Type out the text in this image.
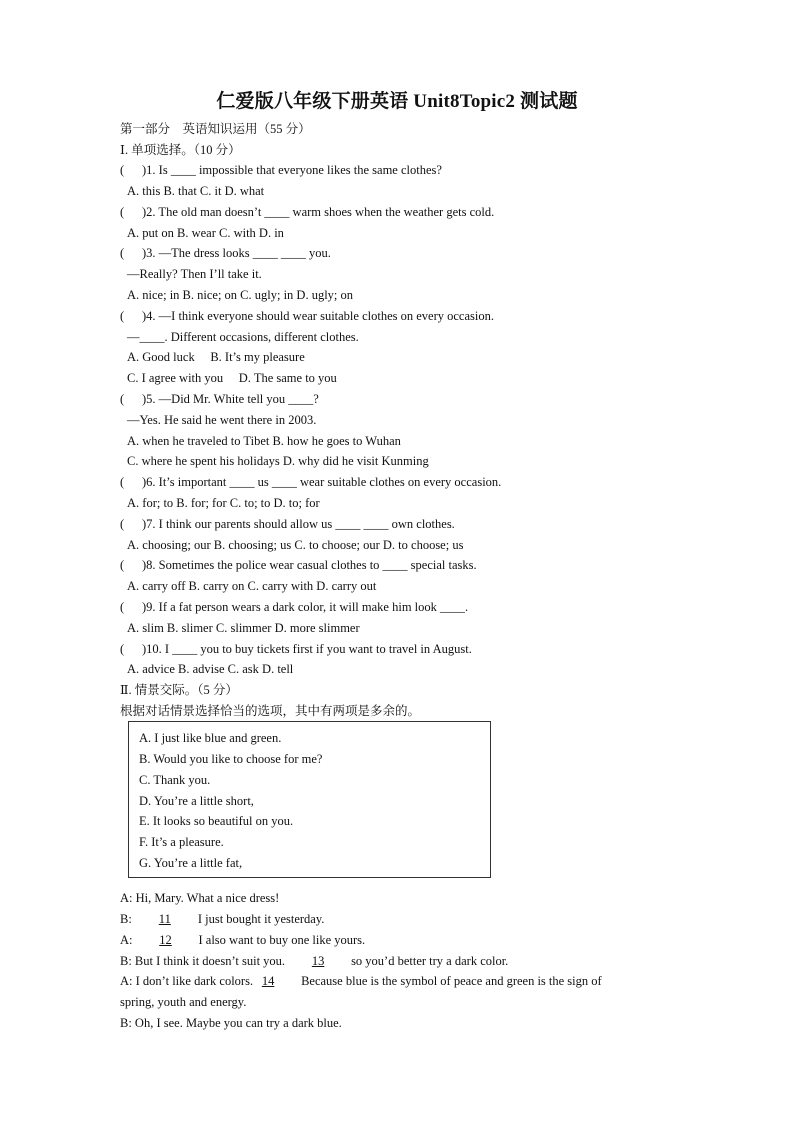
仁爱版八年级下册英语 Unit8Topic2 测试题
第一部分　英语知识运用（55 分）
Ⅰ. 单项选择。（10 分）
( )1. Is ____ impossible that everyone likes the same clothes?
A. this B. that C. it D. what
( )2. The old man doesn’t ____ warm shoes when the weather gets cold.
A. put on B. wear C. with D. in
( )3. —The dress looks ____ ____ you.
—Really? Then I’ll take it.
A. nice; in B. nice; on C. ugly; in D. ugly; on
( )4. —I think everyone should wear suitable clothes on every occasion.
—____. Different occasions, different clothes.
A. Good luck　 B. It’s my pleasure
C. I agree with you　 D. The same to you
( )5. —Did Mr. White tell you ____?
—Yes. He said he went there in 2003.
A. when he traveled to Tibet B. how he goes to Wuhan
C. where he spent his holidays D. why did he visit Kunming
( )6. It’s important ____ us ____ wear suitable clothes on every occasion.
A. for; to B. for; for C. to; to D. to; for
( )7. I think our parents should allow us ____ ____ own clothes.
A. choosing; our B. choosing; us C. to choose; our D. to choose; us
( )8. Sometimes the police wear casual clothes to ____ special tasks.
A. carry off B. carry on C. carry with D. carry out
( )9. If a fat person wears a dark color, it will make him look ____.
A. slim B. slimer C. slimmer D. more slimmer
( )10. I ____ you to buy tickets first if you want to travel in August.
A. advice B. advise C. ask D. tell
Ⅱ. 情景交际。（5 分）
根据对话情景选择恰当的选项，其中有两项是多余的。
A. I just like blue and green.
B. Would you like to choose for me?
C. Thank you.
D. You’re a little short,
E. It looks so beautiful on you.
F. It’s a pleasure.
G. You’re a little fat,
A: Hi, Mary. What a nice dress!
B: 11 I just bought it yesterday.
A: 12 I also want to buy one like yours.
B: But I think it doesn’t suit you. 13 so you’d better try a dark color.
A: I don’t like dark colors. 14 Because blue is the symbol of peace and green is the sign of
spring, youth and energy.
B: Oh, I see. Maybe you can try a dark blue.
